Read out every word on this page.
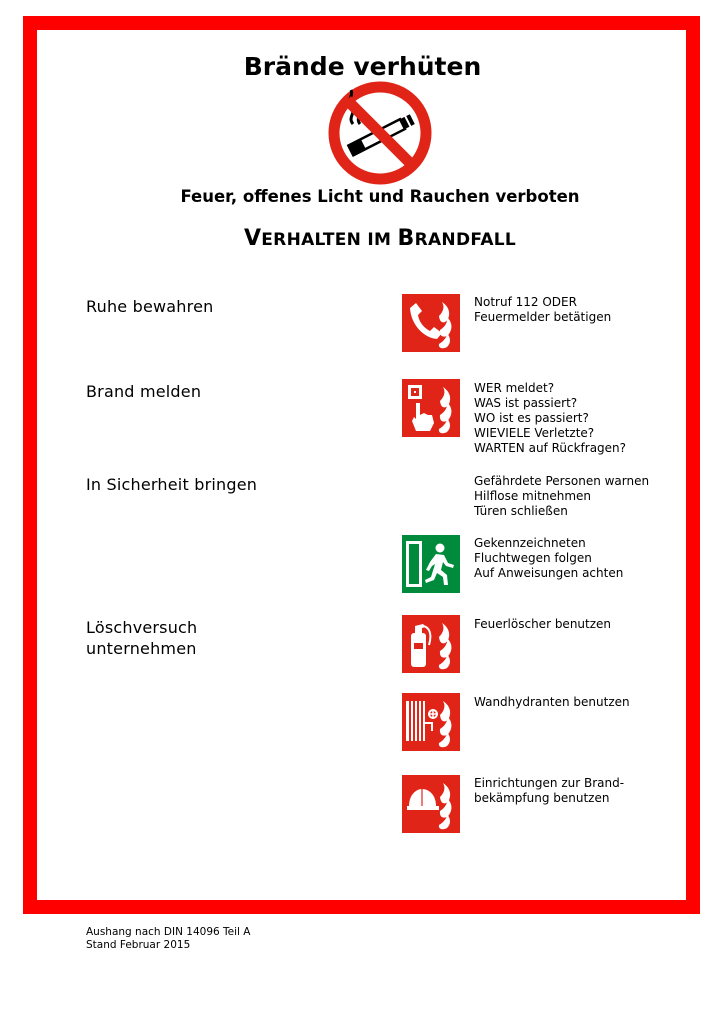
Brände verhüten
Feuer, offenes Licht und Rauchen verboten
VERHALTEN IM BRANDFALL
Ruhe bewahren
Brand melden
In Sicherheit bringen
Löschversuch
unternehmen
Notruf 112 ODER
Feuermelder betätigen
WER meldet?
WAS ist passiert?
WO ist es passiert?
WIEVIELE Verletzte?
WARTEN auf Rückfragen?
Gefährdete Personen warnen
Hilflose mitnehmen
Türen schließen
Gekennzeichneten
Fluchtwegen folgen
Auf Anweisungen achten
Feuerlöscher benutzen
Wandhydranten benutzen
Einrichtungen zur Brand-
bekämpfung benutzen
Aushang nach DIN 14096 Teil A
Stand Februar 2015
